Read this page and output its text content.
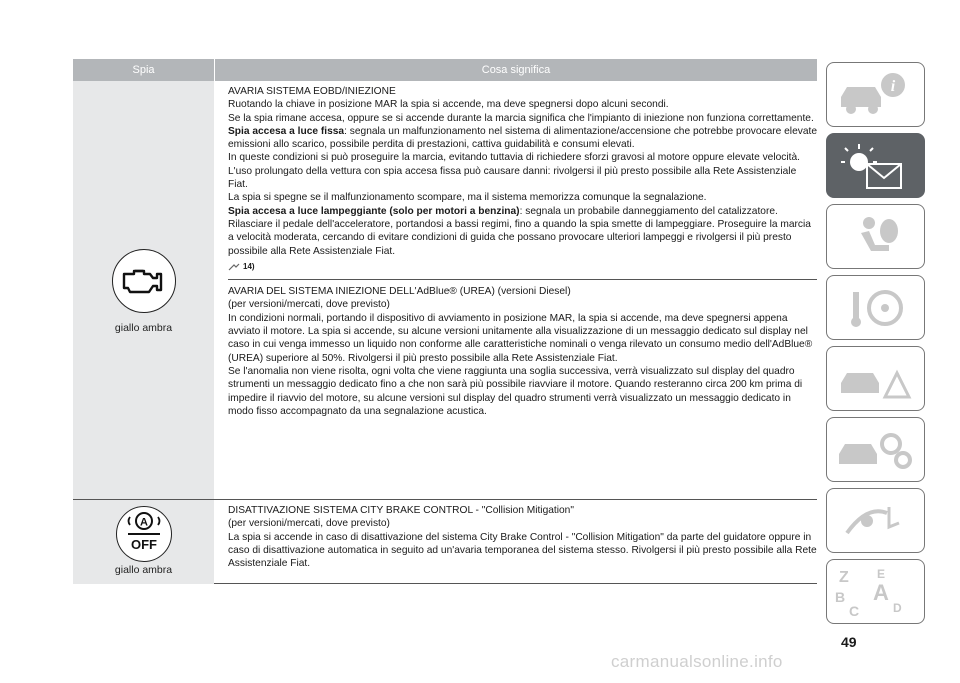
Spia	Cosa significa
giallo ambra

AVARIA SISTEMA EOBD/INIEZIONE

Ruotando la chiave in posizione MAR la spia si accende, ma deve spegnersi dopo alcuni secondi.

Se la spia rimane accesa, oppure se si accende durante la marcia significa che l'impianto di iniezione non funziona correttamente.

Spia accesa a luce fissa: segnala un malfunzionamento nel sistema di alimentazione/accensione che potrebbe provocare elevate emissioni allo scarico, possibile perdita di prestazioni, cattiva guidabilità e consumi elevati.

In queste condizioni si può proseguire la marcia, evitando tuttavia di richiedere sforzi gravosi al motore oppure elevate velocità. L'uso prolungato della vettura con spia accesa fissa può causare danni: rivolgersi il più presto possibile alla Rete Assistenziale Fiat.

La spia si spegne se il malfunzionamento scompare, ma il sistema memorizza comunque la segnalazione.

Spia accesa a luce lampeggiante (solo per motori a benzina): segnala un probabile danneggiamento del catalizzatore. Rilasciare il pedale dell'acceleratore, portandosi a bassi regimi, fino a quando la spia smette di lampeggiare. Proseguire la marcia a velocità moderata, cercando di evitare condizioni di guida che possano provocare ulteriori lampeggi e rivolgersi il più presto possibile alla Rete Assistenziale Fiat.

14)

AVARIA DEL SISTEMA INIEZIONE DELL'AdBlue® (UREA) (versioni Diesel)

(per versioni/mercati, dove previsto)

In condizioni normali, portando il dispositivo di avviamento in posizione MAR, la spia si accende, ma deve spegnersi appena avviato il motore. La spia si accende, su alcune versioni unitamente alla visualizzazione di un messaggio dedicato sul display nel caso in cui venga immesso un liquido non conforme alle caratteristiche nominali o venga rilevato un consumo medio dell'AdBlue® (UREA) superiore al 50%. Rivolgersi il più presto possibile alla Rete Assistenziale Fiat.

Se l'anomalia non viene risolta, ogni volta che viene raggiunta una soglia successiva, verrà visualizzato sul display del quadro strumenti un messaggio dedicato fino a che non sarà più possibile riavviare il motore. Quando resteranno circa 200 km prima di impedire il riavvio del motore, su alcune versioni sul display del quadro strumenti verrà visualizzato un messaggio dedicato in modo fisso accompagnato da una segnalazione acustica.

A
OFF
giallo ambra

DISATTIVAZIONE SISTEMA CITY BRAKE CONTROL - "Collision Mitigation"

(per versioni/mercati, dove previsto)

La spia si accende in caso di disattivazione del sistema City Brake Control - "Collision Mitigation" da parte del guidatore oppure in caso di disattivazione automatica in seguito ad un'avaria temporanea del sistema stesso. Rivolgersi il più presto possibile alla Rete Assistenziale Fiat.

i
Z E
A
B
C	D
49
carmanualsonline.info
